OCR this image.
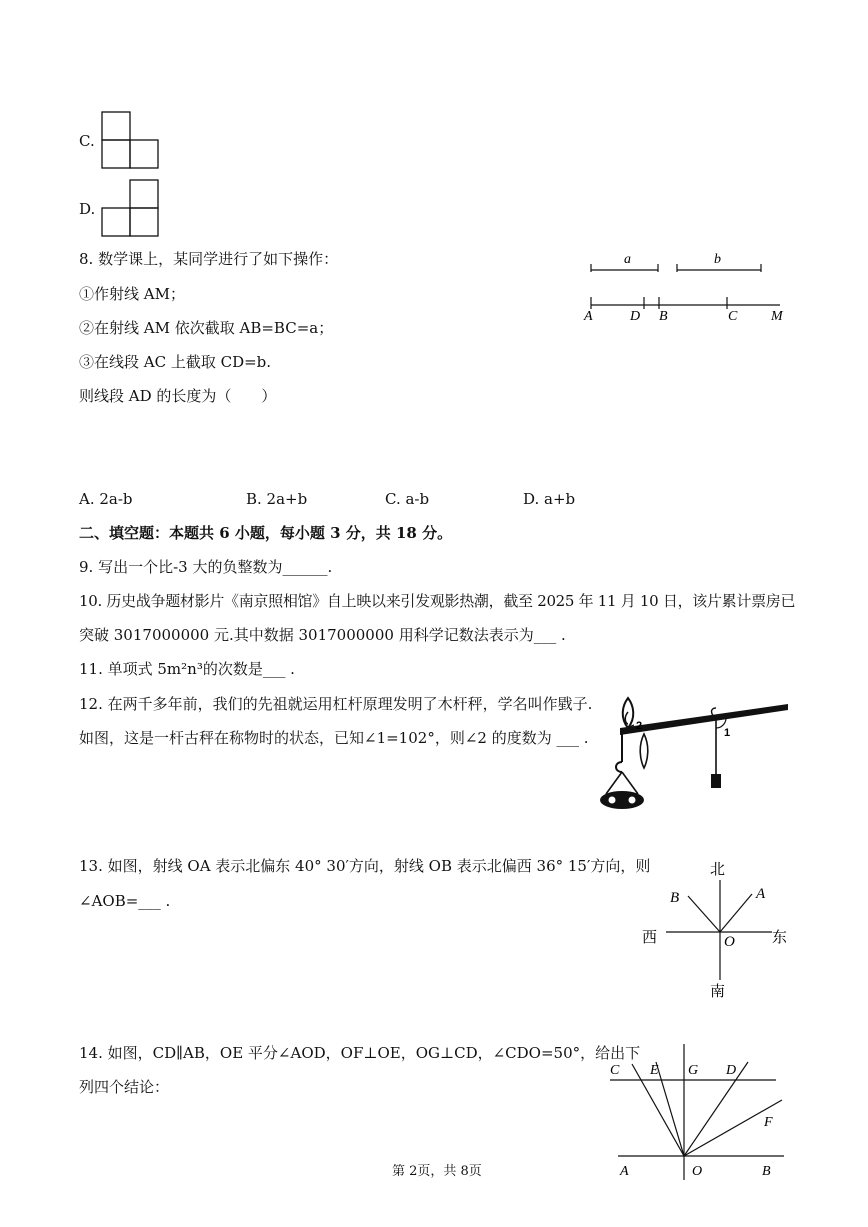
C.
D.
8. 数学课上，某同学进行了如下操作：
①作射线 AM；
②在射线 AM 依次截取 AB=BC=a；
③在线段 AC 上截取 CD=b.
则线段 AD 的长度为（　　）
a	b
A	D B	C M
A. 2a-b	B. 2a+b	C. a-b	D. a+b
二、填空题：本题共 6 小题，每小题 3 分，共 18 分。
9. 写出一个比-3 大的负整数为______.
10. 历史战争题材影片《南京照相馆》自上映以来引发观影热潮，截至 2025 年 11 月 10 日，该片累计票房已
突破 3017000000 元.其中数据 3017000000 用科学记数法表示为___ .
11. 单项式 5m²n³的次数是___ .
12. 在两千多年前，我们的先祖就运用杠杆原理发明了木杆秤，学名叫作戥子.
如图，这是一杆古秤在称物时的状态，已知∠1=102°，则∠2 的度数为 ___ .
2
1
13. 如图，射线 OA 表示北偏东 40° 30′方向，射线 OB 表示北偏西 36° 15′方向，则
∠AOB=___ .
北
南
西	东
A
B
O
14. 如图，CD∥AB，OE 平分∠AOD，OF⊥OE，OG⊥CD，∠CDO=50°，给出下
列四个结论：
C E G D
F
A	O	B
第 2页，共 8页
